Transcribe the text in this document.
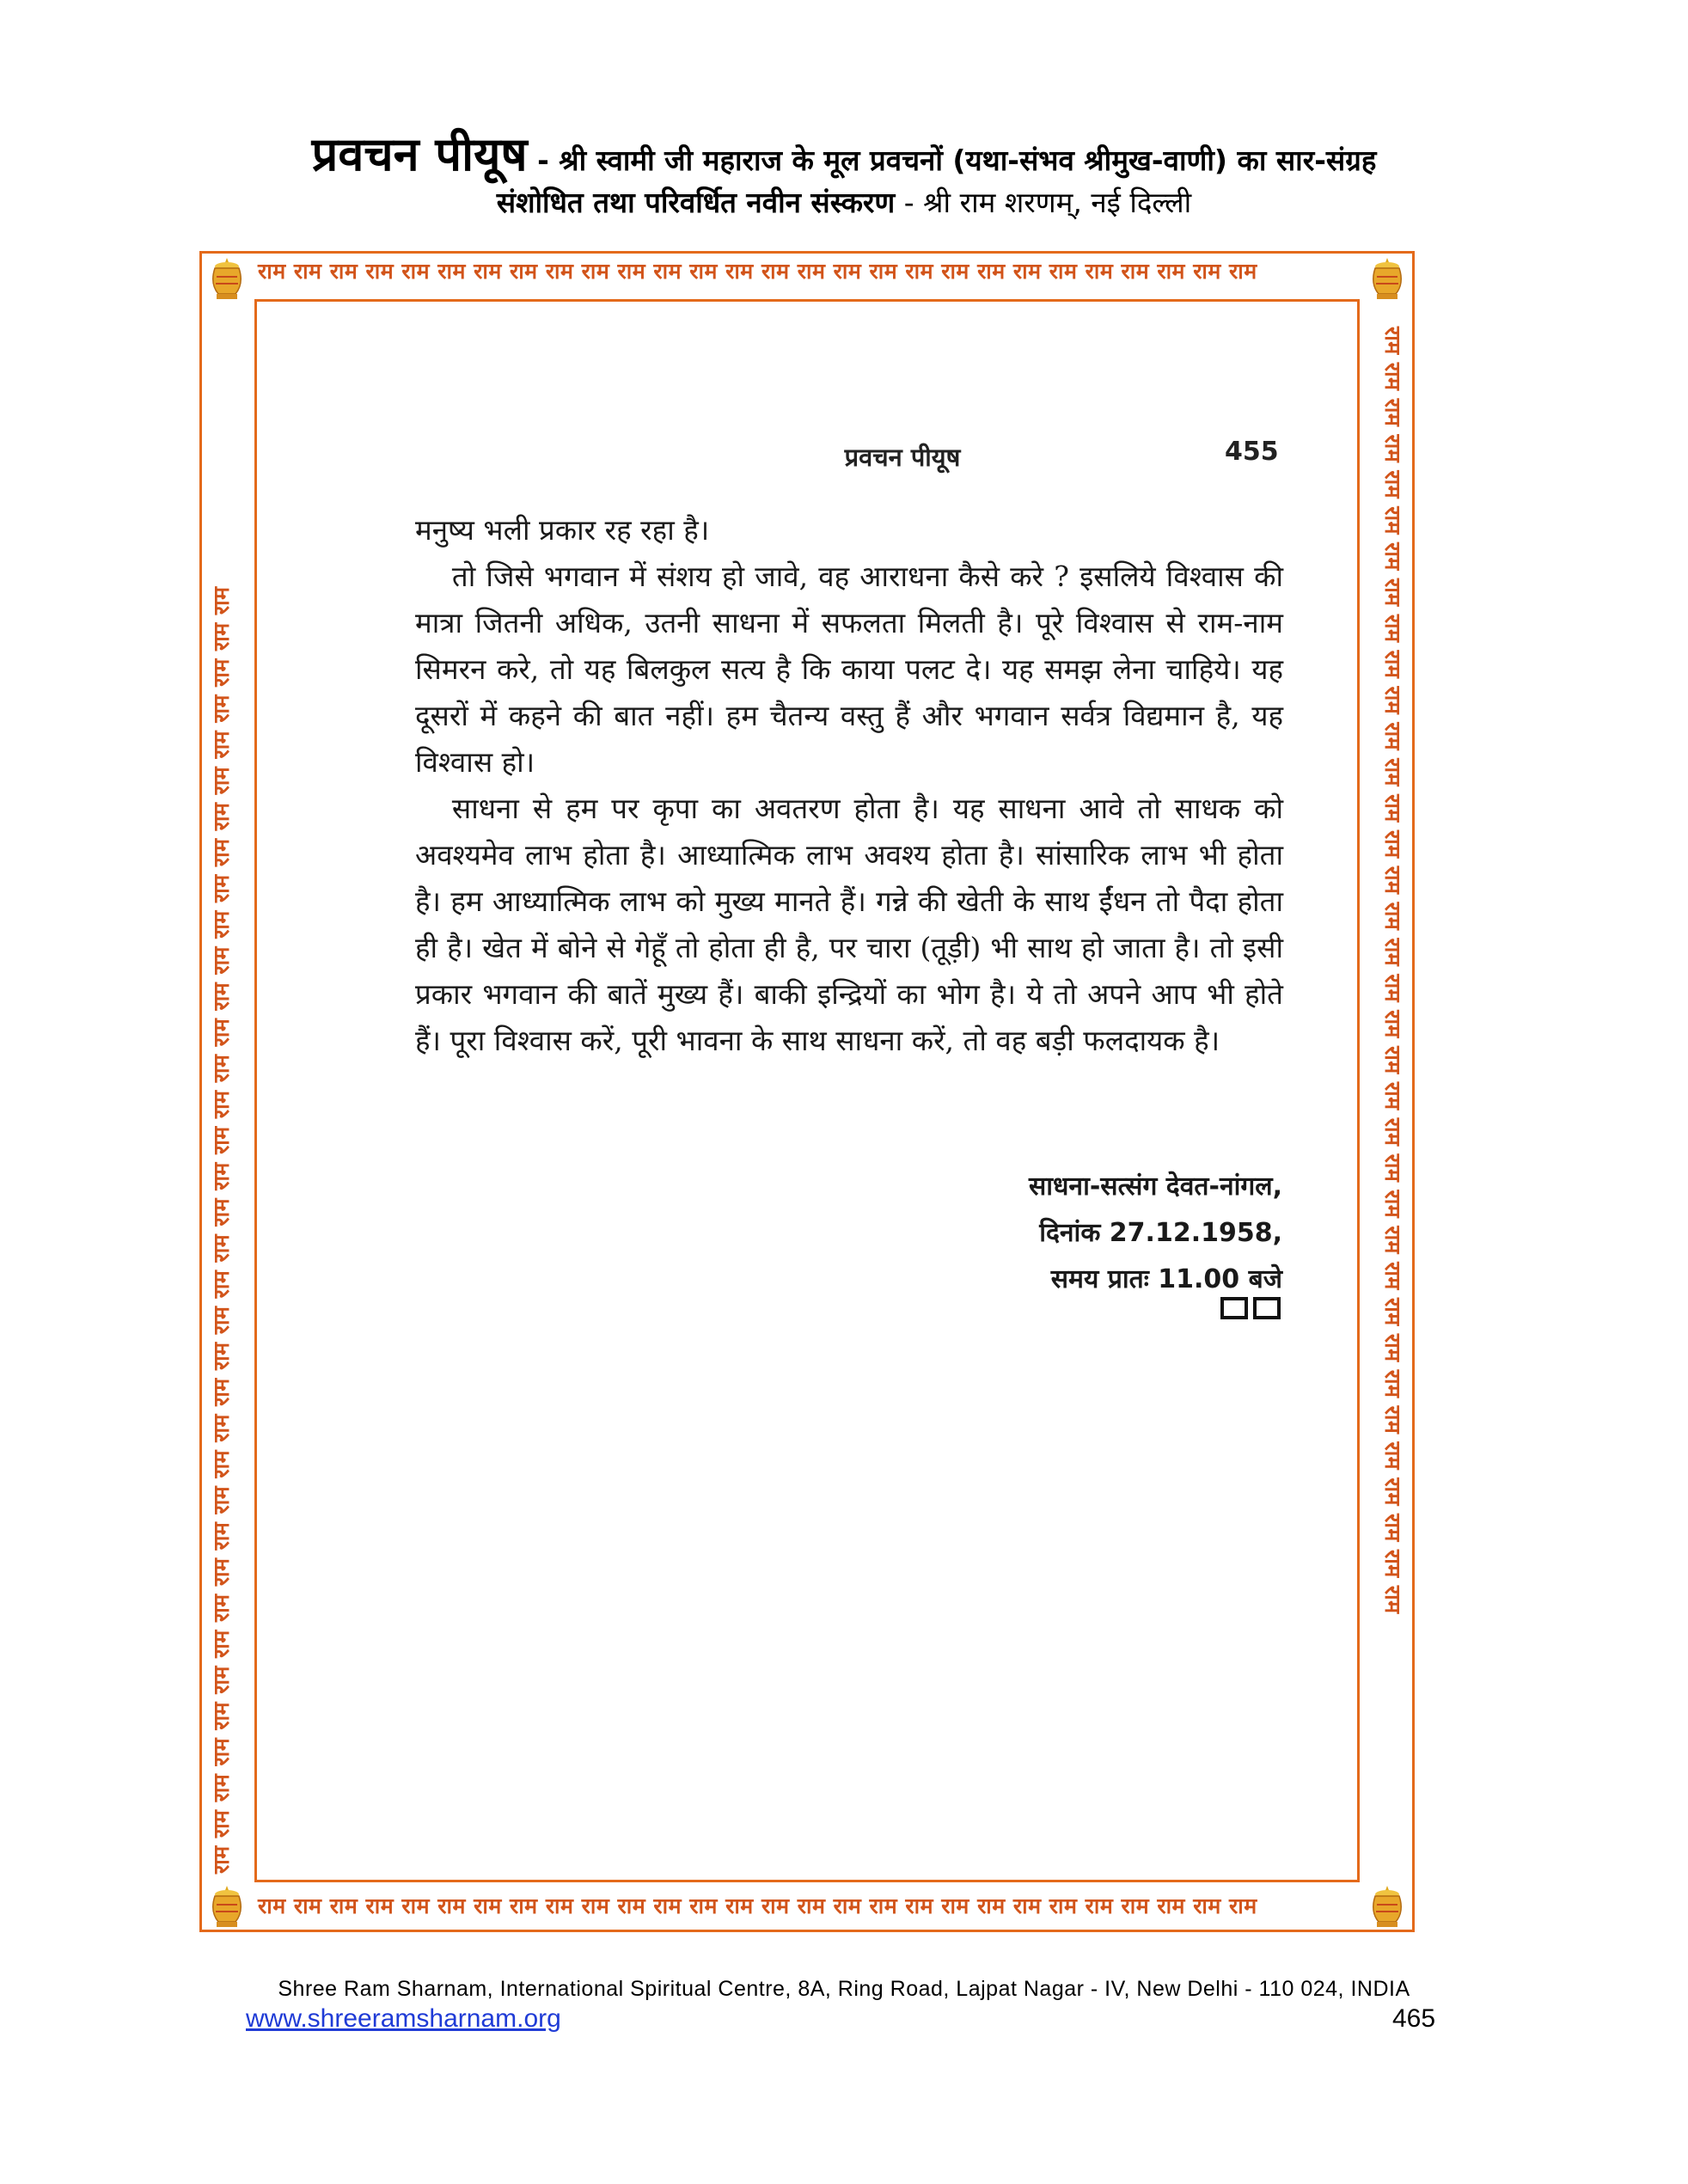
प्रवचन पीयूष - श्री स्वामी जी महाराज के मूल प्रवचनों (यथा-संभव श्रीमुख-वाणी) का सार-संग्रह
संशोधित तथा परिवर्धित नवीन संस्करण - श्री राम शरणम्, नई दिल्ली
राम राम राम राम राम राम राम राम राम राम राम राम राम राम राम राम राम राम राम राम राम राम राम राम राम राम राम राम
राम राम राम राम राम राम राम राम राम राम राम राम राम राम राम राम राम राम राम राम राम राम राम राम राम राम राम राम
राम राम राम राम राम राम राम राम राम राम राम राम राम राम राम राम राम राम राम राम राम राम राम राम राम राम राम राम राम राम राम राम राम राम राम राम	राम राम राम राम राम राम राम राम राम राम राम राम राम राम राम राम राम राम राम राम राम राम राम राम राम राम राम राम राम राम राम राम राम राम राम राम
प्रवचन पीयूष	455

मनुष्य भली प्रकार रह रहा है।

तो जिसे भगवान में संशय हो जावे, वह आराधना कैसे करे ? इसलिये विश्वास की मात्रा जितनी अधिक, उतनी साधना में सफलता मिलती है। पूरे विश्वास से राम-नाम सिमरन करे, तो यह बिलकुल सत्य है कि काया पलट दे। यह समझ लेना चाहिये। यह दूसरों में कहने की बात नहीं। हम चैतन्य वस्तु हैं और भगवान सर्वत्र विद्यमान है, यह विश्वास हो।

साधना से हम पर कृपा का अवतरण होता है। यह साधना आवे तो साधक को अवश्यमेव लाभ होता है। आध्यात्मिक लाभ अवश्य होता है। सांसारिक लाभ भी होता है। हम आध्यात्मिक लाभ को मुख्य मानते हैं। गन्ने की खेती के साथ ईंधन तो पैदा होता ही है। खेत में बोने से गेहूँ तो होता ही है, पर चारा (तूड़ी) भी साथ हो जाता है। तो इसी प्रकार भगवान की बातें मुख्य हैं। बाकी इन्द्रियों का भोग है। ये तो अपने आप भी होते हैं। पूरा विश्वास करें, पूरी भावना के साथ साधना करें, तो वह बड़ी फलदायक है।

साधना-सत्संग देवत-नांगल,
दिनांक 27.12.1958,
समय प्रातः 11.00 बजे
Shree Ram Sharnam, International Spiritual Centre, 8A, Ring Road, Lajpat Nagar - IV, New Delhi - 110 024, INDIA
www.shreeramsharnam.org	465
